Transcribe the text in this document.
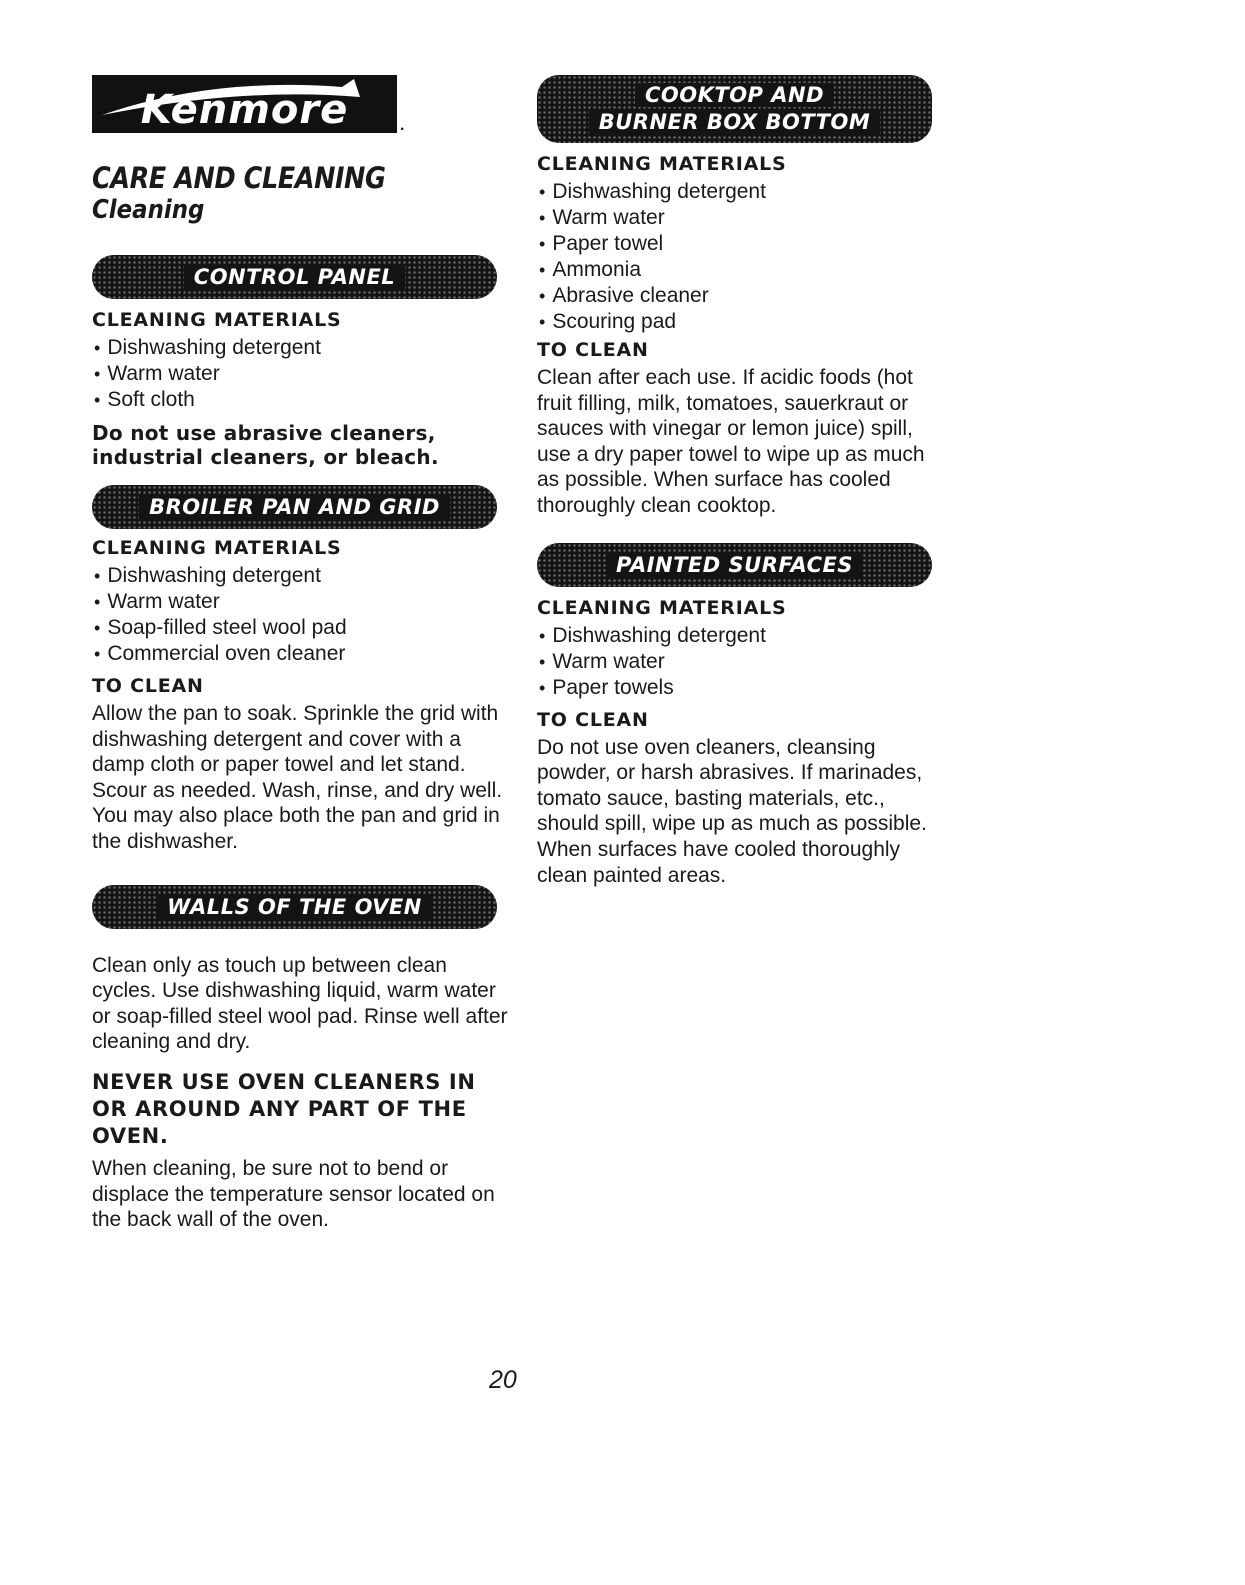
Kenmore	.
CARE AND CLEANING
Cleaning
CONTROL PANEL
CLEANING MATERIALS
• Dishwashing detergent
• Warm water
• Soft cloth
Do not use abrasive cleaners, industrial cleaners, or bleach.
BROILER PAN AND GRID
CLEANING MATERIALS
• Dishwashing detergent
• Warm water
• Soap-filled steel wool pad
• Commercial oven cleaner
TO CLEAN

Allow the pan to soak. Sprinkle the grid with dishwashing detergent and cover with a damp cloth or paper towel and let stand. Scour as needed. Wash, rinse, and dry well. You may also place both the pan and grid in the dishwasher.

WALLS OF THE OVEN

Clean only as touch up between clean cycles. Use dishwashing liquid, warm water or soap-filled steel wool pad. Rinse well after cleaning and dry.

NEVER USE OVEN CLEANERS IN OR AROUND ANY PART OF THE OVEN.

When cleaning, be sure not to bend or displace the temperature sensor located on the back wall of the oven.

COOKTOP AND
BURNER BOX BOTTOM
CLEANING MATERIALS
• Dishwashing detergent
• Warm water
• Paper towel
• Ammonia
• Abrasive cleaner
• Scouring pad
TO CLEAN

Clean after each use. If acidic foods (hot fruit filling, milk, tomatoes, sauerkraut or sauces with vinegar or lemon juice) spill, use a dry paper towel to wipe up as much as possible. When surface has cooled thoroughly clean cooktop.

PAINTED SURFACES
CLEANING MATERIALS
• Dishwashing detergent
• Warm water
• Paper towels
TO CLEAN

Do not use oven cleaners, cleansing powder, or harsh abrasives. If marinades, tomato sauce, basting materials, etc., should spill, wipe up as much as possible. When surfaces have cooled thoroughly clean painted areas.

20
